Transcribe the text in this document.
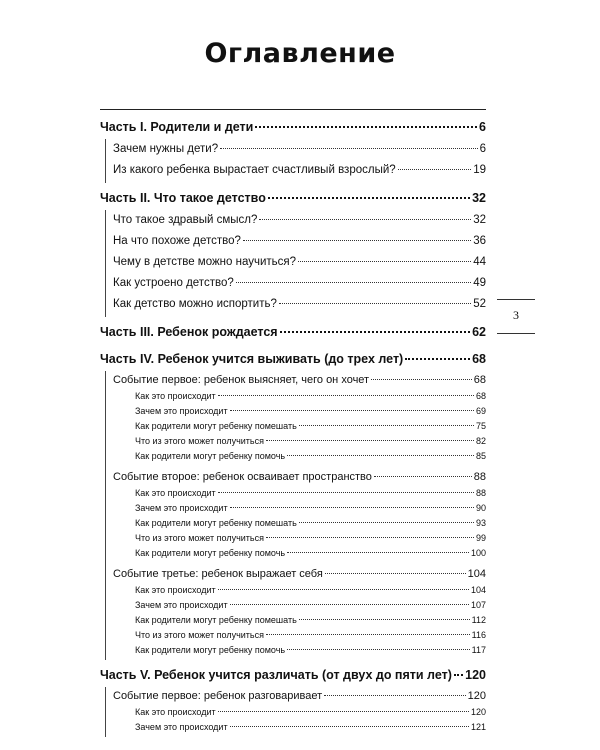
Оглавление
Часть I. Родители и дети	6
Зачем нужны дети?	6
Из какого ребенка вырастает счастливый взрослый?	19
Часть II. Что такое детство	32
Что такое здравый смысл?	32
На что похоже детство?	36
Чему в детстве можно научиться?	44
Как устроено детство?	49
Как детство можно испортить?	52
Часть III. Ребенок рождается	62
Часть IV. Ребенок учится выживать (до трех лет)	68
Событие первое: ребенок выясняет, чего он хочет	68
Как это происходит	68
Зачем это происходит	69
Как родители могут ребенку помешать	75
Что из этого может получиться	82
Как родители могут ребенку помочь	85
Событие второе: ребенок осваивает пространство	88
Как это происходит	88
Зачем это происходит	90
Как родители могут ребенку помешать	93
Что из этого может получиться	99
Как родители могут ребенку помочь	100
Событие третье: ребенок выражает себя	104
Как это происходит	104
Зачем это происходит	107
Как родители могут ребенку помешать	112
Что из этого может получиться	116
Как родители могут ребенку помочь	117
Часть V. Ребенок учится различать (от двух до пяти лет) 120
Событие первое: ребенок разговаривает	120
Как это происходит	120
Зачем это происходит	121
3
